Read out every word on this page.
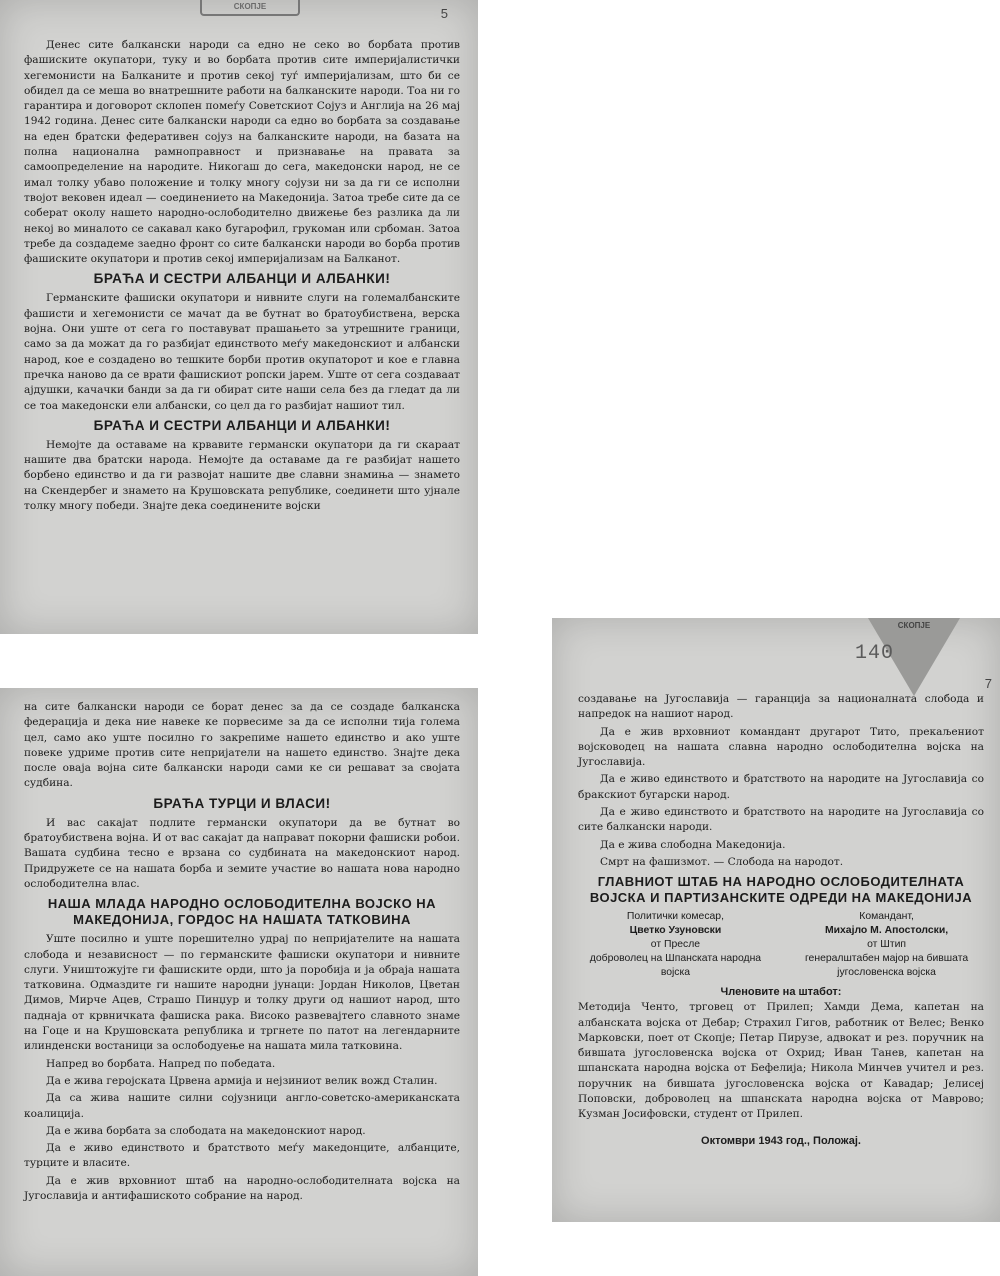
СКОПЈЕ	5

Денес сите балкански народи са едно не секо во борбата против фашиските окупатори, туку и во борбата против сите империјалистички хегемонисти на Балканите и против секој туѓ империјализам, што би се обидел да се меша во внатрешните работи на балканските народи. Тоа ни го гарантира и договорот склопен помеѓу Советскиот Сојуз и Англија на 26 мај 1942 година. Денес сите балкански народи са едно во борбата за создавање на еден братски федеративен сојуз на балканските народи, на базата на полна национална рамноправност и признавање на правата за самоопределение на народите. Никогаш до сега, македонски народ, не се имал толку убаво положение и толку многу сојузи ни за да ги се исполни твојот вековен идеал — соединението на Македонија. Затоа требе сите да се соберат околу нашето народно-ослободително движење без разлика да ли некој во миналото се сакавал како бугарофил, грукоман или србоман. Затоа требе да создадеме заедно фронт со сите балкански народи во борба против фашиските окупатори и против секој империјализам на Балканот.

БРАЋА И СЕСТРИ АЛБАНЦИ И АЛБАНКИ!

Германските фашиски окупатори и нивните слуги на големалбанските фашисти и хегемонисти се мачат да ве бутнат во братоубиствена, верска војна. Они уште от сега го поставуват прашањето за утрешните граници, само за да можат да го разбијат единството меѓу македонскиот и албански народ, кое е создадено во тешките борби против окупаторот и кое е главна пречка наново да се врати фашискиот ропски јарем. Уште от сега создаваат ајдушки, качачки банди за да ги обират сите наши села без да гледат да ли се тоа македонски ели албански, со цел да го разбијат нашиот тил.

БРАЋА И СЕСТРИ АЛБАНЦИ И АЛБАНКИ!

Немојте да оставаме на крвавите германски окупатори да ги скараат нашите два братски народа. Немојте да оставаме да ге разбијат нашето борбено единство и да ги развојат нашите две славни знамиња — знамето на Скендербег и знамето на Крушовската републике, соединети што ујнале толку многу победи. Знајте дека соединените војски

на сите балкански народи се борат денес за да се создаде балканска федерација и дека ние навеке ке порвесиме за да се исполни тија голема цел, само ако уште посилно го закрепиме нашето единство и ако уште повеке удриме против сите непријатели на нашето единство. Знајте дека после оваја војна сите балкански народи сами ке си решават за својата судбина.

БРАЋА ТУРЦИ И ВЛАСИ!

И вас сакајат подлите германски окупатори да ве бутнат во братоубиствена војна. И от вас сакајат да направат покорни фашиски робои. Вашата судбина тесно е врзана со судбината на македонскиот народ. Придружете се на нашата борба и земите участие во нашата нова народно ослободителна влас.

НАША МЛАДА НАРОДНО ОСЛОБОДИТЕЛНА ВОЈСКО НА МАКЕДОНИЈА, ГОРДОС НА НАШАТА ТАТКОВИНА

Уште посилно и уште порешително удрај по непријателите на нашата слобода и независност — по германските фашиски окупатори и нивните слуги. Уништожујте ги фашиските орди, што ја поробија и ја обраја нашата татковина. Одмаздите ги нашите народни јунаци: Јордан Николов, Цветан Димов, Мирче Ацев, Страшо Пинџур и толку други од нашиот народ, што паднаја от крвничката фашиска рака. Високо развевајтего славното знаме на Гоце и на Крушовската републикa и тргнете по патот на легендарните илинденски востаници за ослободуење на нашата мила татковина.

Напред во борбата. Напред по победата.

Да е жива геројската Црвена армија и нејзиниот велик вожд Сталин.

Да са жива нашите силни сојузници англо-советско-американската коалиција.

Да е жива борбата за слободата на македонскиот народ.

Да е живо единството и братството меѓу македонците, албанците, турците и власите.

Да е жив врховниот штаб на народно-ослободителната војска на Југославија и антифашиското собрание на народ.

СКОПЈЕ
140
7

создавање на Југославија — гаранција за националната слобода и напредок на нашиот народ.

Да е жив врховниот командант другарот Тито, прекаљениот војсководец на нашата славна народно ослободителна војска на Југославија.

Да е живо единството и братството на народите на Југославија со бракскиот бугарски народ.

Да е живо единството и братството на народите на Југославија со сите балкански народи.

Да е жива слободна Македонија.

Смрт на фашизмот. — Слобода на народот.

ГЛАВНИОТ ШТАБ НА НАРОДНО ОСЛОБОДИТЕЛНАТА ВОЈСКА И ПАРТИЗАНСКИТЕ ОДРЕДИ НА МАКЕДОНИЈА
Политички комесар,
Цветко Узуновски
от Пресле
доброволец на Шпанската народна војска
Командант,
Михајло М. Апостолски,
от Штип
генералштабен мајор на бившата југословенска војска
Членовите на штабот:

Методија Ченто, трговец от Прилеп; Хамди Дема, капетан на албанската војска от Дебар; Страхил Гигов, работник от Велес; Венко Марковски, поет от Скопје; Петар Пирузе, адвокат и рез. поручник на бившата југословенска војска от Охрид; Иван Танев, капетан на шпанската народна војска от Бефелија; Никола Минчев учител и рез. поручник на бившата југословенска војска от Кавадар; Јелисеј Поповски, доброволец на шпанската народна војска от Маврово; Кузман Јосифовски, студент от Прилеп.

Октомври 1943 год., Положај.
